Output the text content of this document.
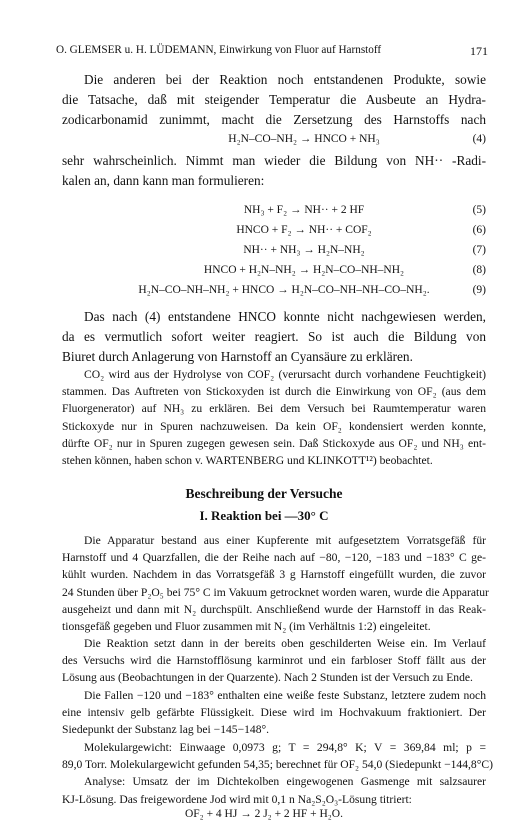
O. GLEMSER u. H. LÜDEMANN, Einwirkung von Fluor auf Harnstoff	171
Die anderen bei der Reaktion noch entstandenen Produkte, sowie
die Tatsache, daß mit steigender Temperatur die Ausbeute an Hydra-
zodicarbonamid zunimmt, macht die Zersetzung des Harnstoffs nach
H₂N–CO–NH₂ → HNCO + NH₃	(4)
sehr wahrscheinlich. Nimmt man wieder die Bildung von NH·· -Radi-
kalen an, dann kann man formulieren:
NH₃ + F₂ → NH·· + 2 HF	(5)
HNCO + F₂ → NH·· + COF₂	(6)
NH·· + NH₃ → H₂N–NH₂	(7)
HNCO + H₂N–NH₂ → H₂N–CO–NH–NH₂	(8)
H₂N–CO–NH–NH₂ + HNCO → H₂N–CO–NH–NH–CO–NH₂.	(9)
Das nach (4) entstandene HNCO konnte nicht nachgewiesen werden,
da es vermutlich sofort weiter reagiert. So ist auch die Bildung von
Biuret durch Anlagerung von Harnstoff an Cyansäure zu erklären.
CO₂ wird aus der Hydrolyse von COF₂ (verursacht durch vorhandene Feuchtigkeit)
stammen. Das Auftreten von Stickoxyden ist durch die Einwirkung von OF₂ (aus dem
Fluorgenerator) auf NH₃ zu erklären. Bei dem Versuch bei Raumtemperatur waren
Stickoxyde nur in Spuren nachzuweisen. Da kein OF₂ kondensiert werden konnte,
dürfte OF₂ nur in Spuren zugegen gewesen sein. Daß Stickoxyde aus OF₂ und NH₃ ent-
stehen können, haben schon v. WARTENBERG und KLINKOTT¹²) beobachtet.
Beschreibung der Versuche
I. Reaktion bei —30° C
Die Apparatur bestand aus einer Kupferente mit aufgesetztem Vorratsgefäß für
Harnstoff und 4 Quarzfallen, die der Reihe nach auf −80, −120, −183 und −183° C ge-
kühlt wurden. Nachdem in das Vorratsgefäß 3 g Harnstoff eingefüllt wurden, die zuvor
24 Stunden über P₂O₅ bei 75° C im Vakuum getrocknet worden waren, wurde die Apparatur
ausgeheizt und dann mit N₂ durchspült. Anschließend wurde der Harnstoff in das Reak-
tionsgefäß gegeben und Fluor zusammen mit N₂ (im Verhältnis 1:2) eingeleitet.
Die Reaktion setzt dann in der bereits oben geschilderten Weise ein. Im Verlauf
des Versuchs wird die Harnstofflösung karminrot und ein farbloser Stoff fällt aus der
Lösung aus (Beobachtungen in der Quarzente). Nach 2 Stunden ist der Versuch zu Ende.
Die Fallen −120 und −183° enthalten eine weiße feste Substanz, letztere zudem noch
eine intensiv gelb gefärbte Flüssigkeit. Diese wird im Hochvakuum fraktioniert. Der
Siedepunkt der Substanz lag bei −145−148°.
Molekulargewicht: Einwaage 0,0973 g; T = 294,8° K; V = 369,84 ml; p =
89,0 Torr. Molekulargewicht gefunden 54,35; berechnet für OF₂ 54,0 (Siedepunkt −144,8°C)
Analyse: Umsatz der im Dichtekolben eingewogenen Gasmenge mit salzsaurer
KJ-Lösung. Das freigewordene Jod wird mit 0,1 n Na₂S₂O₃-Lösung titriert:
OF₂ + 4 HJ → 2 J₂ + 2 HF + H₂O.
